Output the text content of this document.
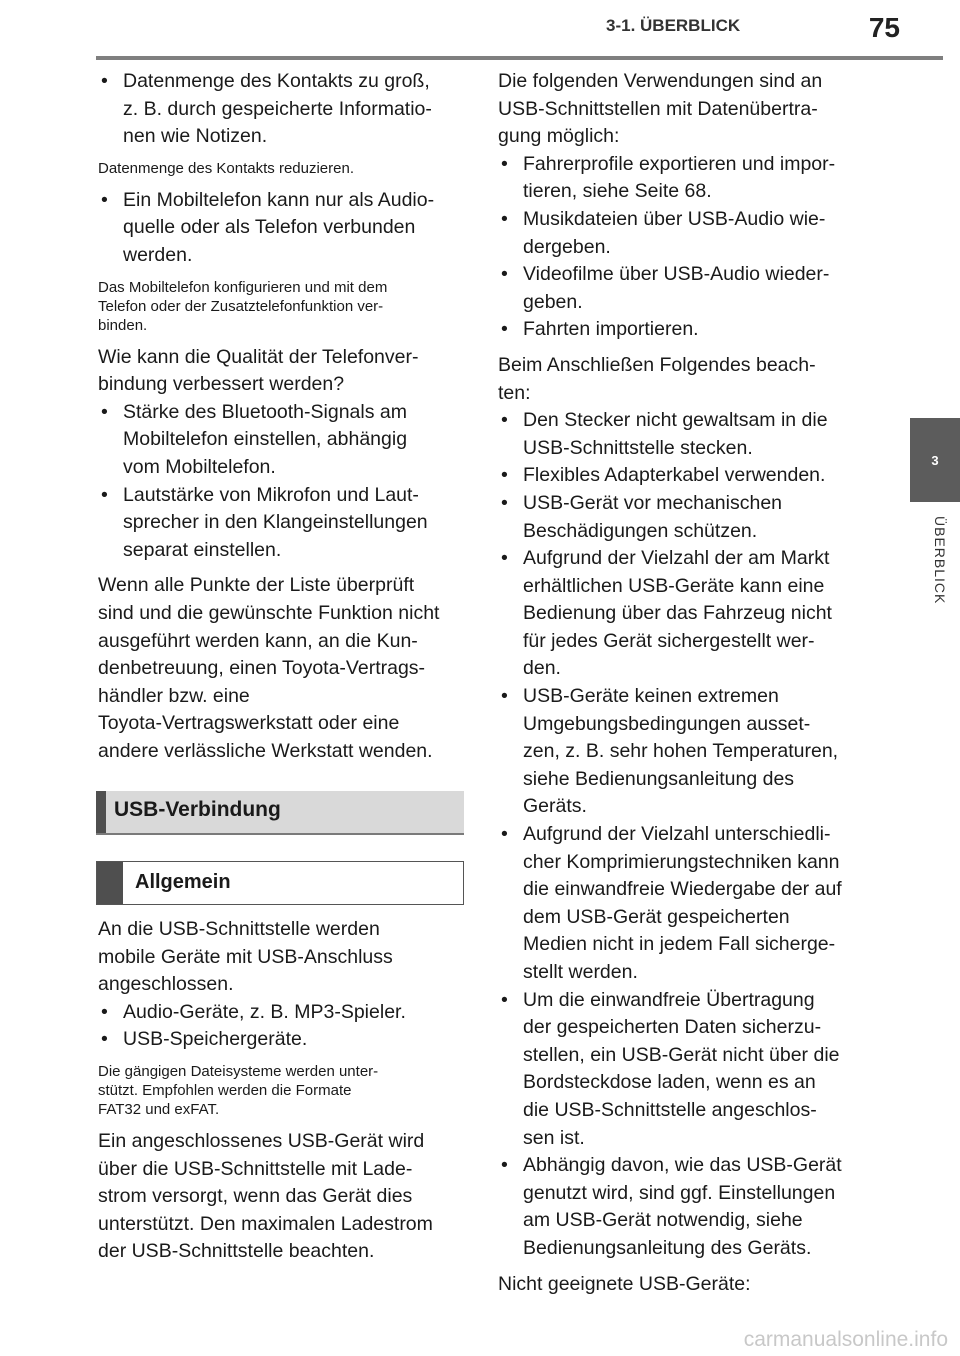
3-1. ÜBERBLICK	75
3
ÜBERBLICK
• Datenmenge des Kontakts zu groß,
z. B. durch gespeicherte Informatio-
nen wie Notizen.

Datenmenge des Kontakts reduzieren.

• Ein Mobiltelefon kann nur als Audio-
quelle oder als Telefon verbunden
werden.

Das Mobiltelefon konfigurieren und mit dem
Telefon oder der Zusatztelefonfunktion ver-
binden.

Wie kann die Qualität der Telefonver-
bindung verbessert werden?

• Stärke des Bluetooth-Signals am
Mobiltelefon einstellen, abhängig
vom Mobiltelefon.
• Lautstärke von Mikrofon und Laut-
sprecher in den Klangeinstellungen
separat einstellen.

Wenn alle Punkte der Liste überprüft
sind und die gewünschte Funktion nicht
ausgeführt werden kann, an die Kun-
denbetreuung, einen Toyota-Vertrags-
händler bzw. eine
Toyota-Vertragswerkstatt oder eine
andere verlässliche Werkstatt wenden.

USB-Verbindung
Allgemein

An die USB-Schnittstelle werden
mobile Geräte mit USB-Anschluss
angeschlossen.

• Audio-Geräte, z. B. MP3-Spieler.
• USB-Speichergeräte.

Die gängigen Dateisysteme werden unter-
stützt. Empfohlen werden die Formate
FAT32 und exFAT.

Ein angeschlossenes USB-Gerät wird
über die USB-Schnittstelle mit Lade-
strom versorgt, wenn das Gerät dies
unterstützt. Den maximalen Ladestrom
der USB-Schnittstelle beachten.

Die folgenden Verwendungen sind an
USB-Schnittstellen mit Datenübertra-
gung möglich:

• Fahrerprofile exportieren und impor-
tieren, siehe Seite 68.
• Musikdateien über USB-Audio wie-
dergeben.
• Videofilme über USB-Audio wieder-
geben.
• Fahrten importieren.

Beim Anschließen Folgendes beach-
ten:

• Den Stecker nicht gewaltsam in die
USB-Schnittstelle stecken.
• Flexibles Adapterkabel verwenden.
• USB-Gerät vor mechanischen
Beschädigungen schützen.
• Aufgrund der Vielzahl der am Markt
erhältlichen USB-Geräte kann eine
Bedienung über das Fahrzeug nicht
für jedes Gerät sichergestellt wer-
den.
• USB-Geräte keinen extremen
Umgebungsbedingungen ausset-
zen, z. B. sehr hohen Temperaturen,
siehe Bedienungsanleitung des
Geräts.
• Aufgrund der Vielzahl unterschiedli-
cher Komprimierungstechniken kann
die einwandfreie Wiedergabe der auf
dem USB-Gerät gespeicherten
Medien nicht in jedem Fall sicherge-
stellt werden.
• Um die einwandfreie Übertragung
der gespeicherten Daten sicherzu-
stellen, ein USB-Gerät nicht über die
Bordsteckdose laden, wenn es an
die USB-Schnittstelle angeschlos-
sen ist.
• Abhängig davon, wie das USB-Gerät
genutzt wird, sind ggf. Einstellungen
am USB-Gerät notwendig, siehe
Bedienungsanleitung des Geräts.

Nicht geeignete USB-Geräte:

carmanualsonline.info
